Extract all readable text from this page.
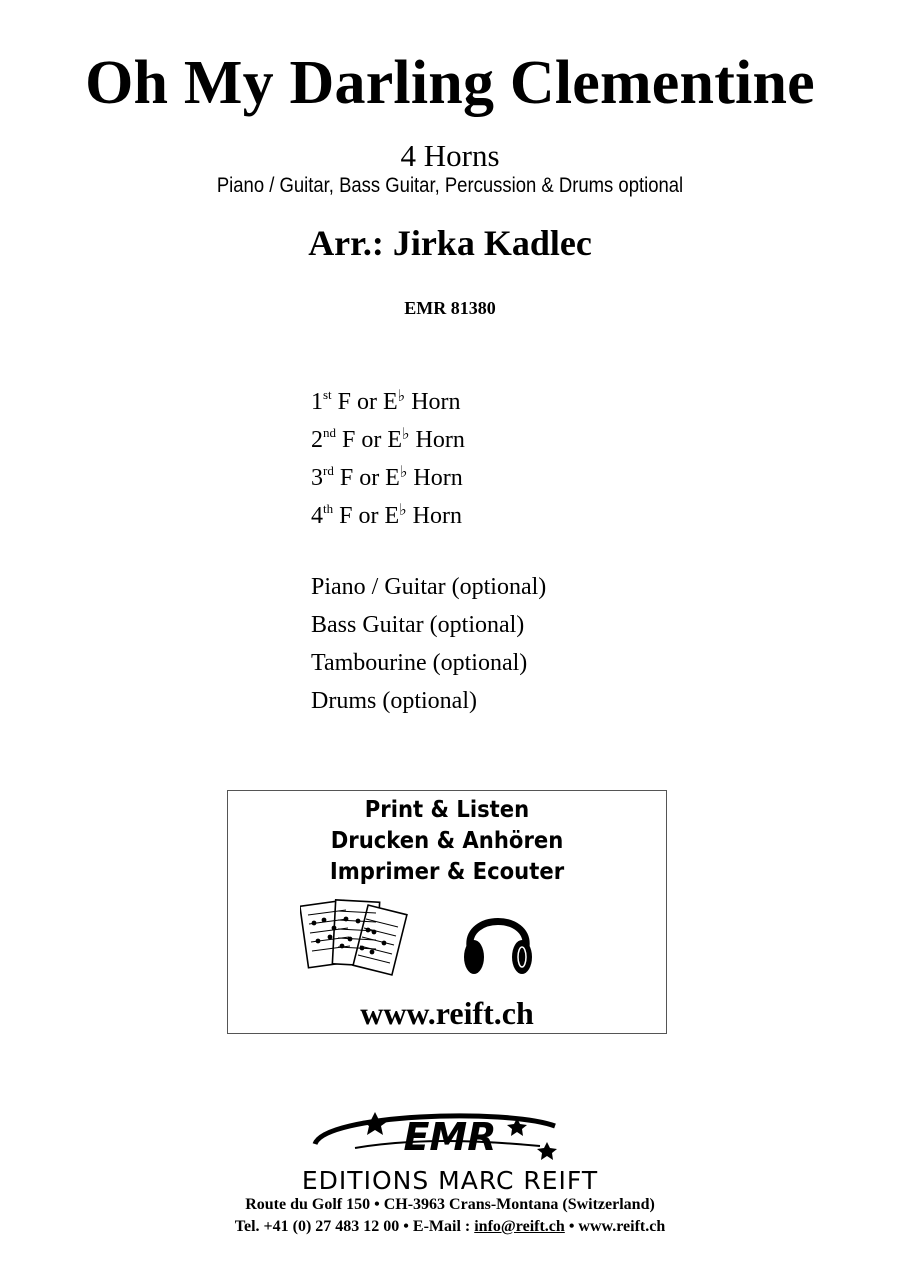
Oh My Darling Clementine
4 Horns
Piano / Guitar, Bass Guitar, Percussion & Drums optional
Arr.: Jirka Kadlec
EMR 81380
1st F or E♭ Horn
2nd F or E♭ Horn
3rd F or E♭ Horn
4th F or E♭ Horn
Piano / Guitar (optional)
Bass Guitar (optional)
Tambourine (optional)
Drums (optional)
Print & Listen
Drucken & Anhören
Imprimer & Ecouter
www.reift.ch
EMR
EDITIONS MARC REIFT
Route du Golf 150 • CH-3963 Crans-Montana (Switzerland)
Tel. +41 (0) 27 483 12 00 • E-Mail : info@reift.ch • www.reift.ch
